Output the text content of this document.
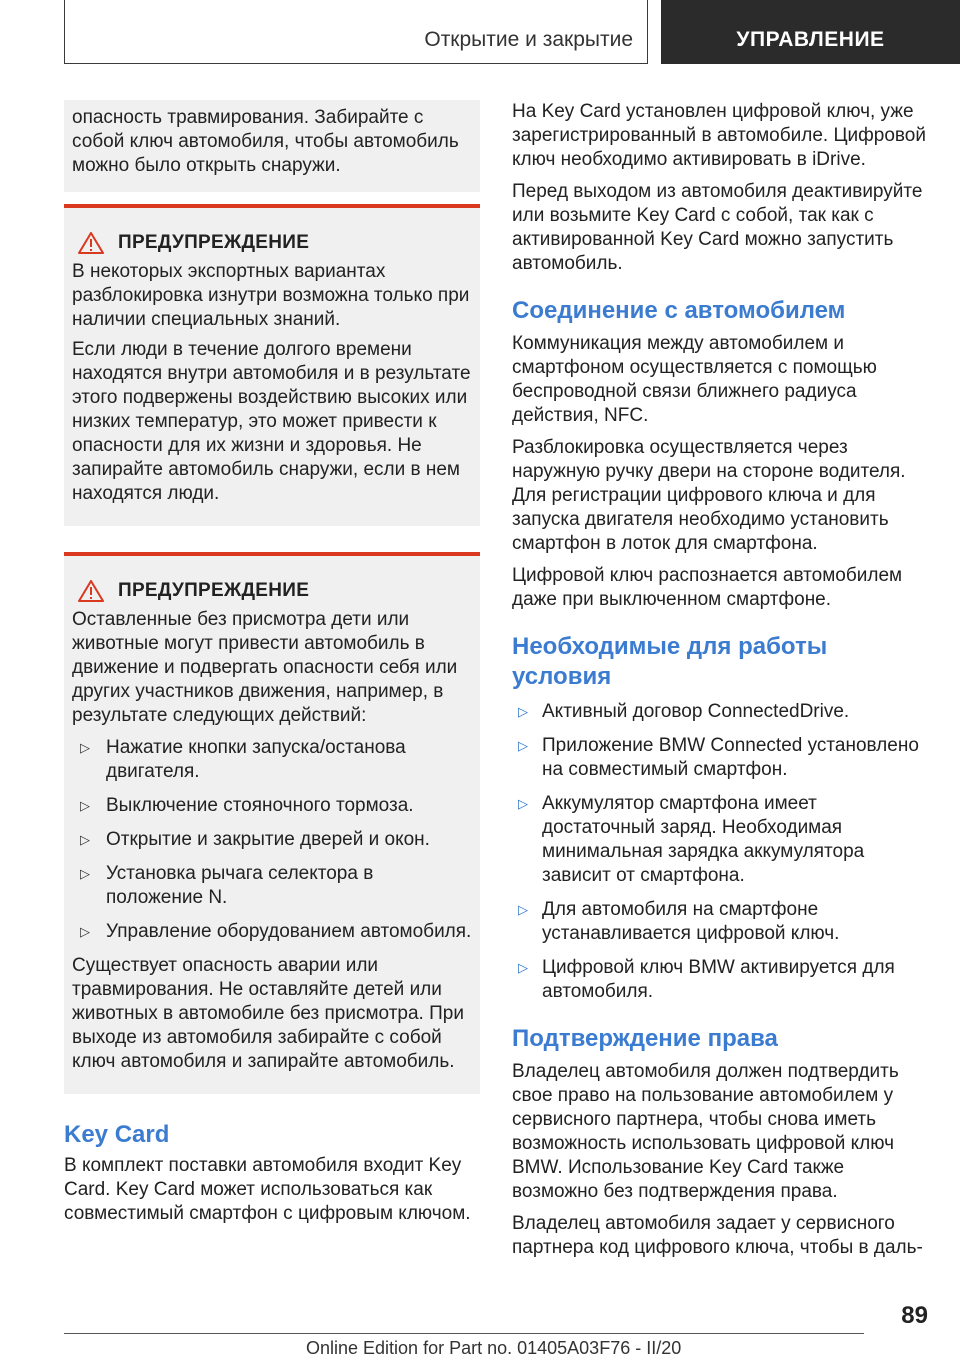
Открытие и закрытие	УПРАВЛЕНИЕ

опасность травмирования. Забирайте с собой ключ автомобиля, чтобы автомобиль можно было открыть снаружи.

ПРЕДУПРЕЖДЕНИЕ

В некоторых экспортных вариантах разблокировка изнутри возможна только при наличии специальных знаний.

Если люди в течение долгого времени находятся внутри автомобиля и в результате этого подвержены воздействию высоких или низких температур, это может привести к опасности для их жизни и здоровья. Не запирайте автомобиль снаружи, если в нем находятся люди.

ПРЕДУПРЕЖДЕНИЕ

Оставленные без присмотра дети или животные могут привести автомобиль в движение и подвергать опасности себя или других участников движения, например, в результате следующих действий:

▷ Нажатие кнопки запуска/останова двигателя.
▷ Выключение стояночного тормоза.
▷ Открытие и закрытие дверей и окон.
▷ Установка рычага селектора в положение N.
▷ Управление оборудованием автомобиля.

Существует опасность аварии или травмирования. Не оставляйте детей или животных в автомобиле без присмотра. При выходе из автомобиля забирайте с собой ключ автомобиля и запирайте автомобиль.

Key Card

В комплект поставки автомобиля входит Key Card. Key Card может использоваться как совместимый смартфон с цифровым ключом.

На Key Card установлен цифровой ключ, уже зарегистрированный в автомобиле. Цифровой ключ необходимо активировать в iDrive.

Перед выходом из автомобиля деактивируйте или возьмите Key Card с собой, так как с активированной Key Card можно запустить автомобиль.

Соединение с автомобилем

Коммуникация между автомобилем и смартфоном осуществляется с помощью беспроводной связи ближнего радиуса действия, NFC.

Разблокировка осуществляется через наружную ручку двери на стороне водителя. Для регистрации цифрового ключа и для запуска двигателя необходимо установить смартфон в лоток для смартфона.

Цифровой ключ распознается автомобилем даже при выключенном смартфоне.

Необходимые для работы условия
▷ Активный договор ConnectedDrive.
▷ Приложение BMW Connected установлено на совместимый смартфон.
▷ Аккумулятор смартфона имеет достаточный заряд. Необходимая минимальная зарядка аккумулятора зависит от смартфона.
▷ Для автомобиля на смартфоне устанавливается цифровой ключ.
▷ Цифровой ключ BMW активируется для автомобиля.
Подтверждение права

Владелец автомобиля должен подтвердить свое право на пользование автомобилем у сервисного партнера, чтобы снова иметь возможность использовать цифровой ключ BMW. Использование Key Card также возможно без подтверждения права.

Владелец автомобиля задает у сервисного партнера код цифрового ключа, чтобы в даль-

89
Online Edition for Part no. 01405A03F76 - II/20
